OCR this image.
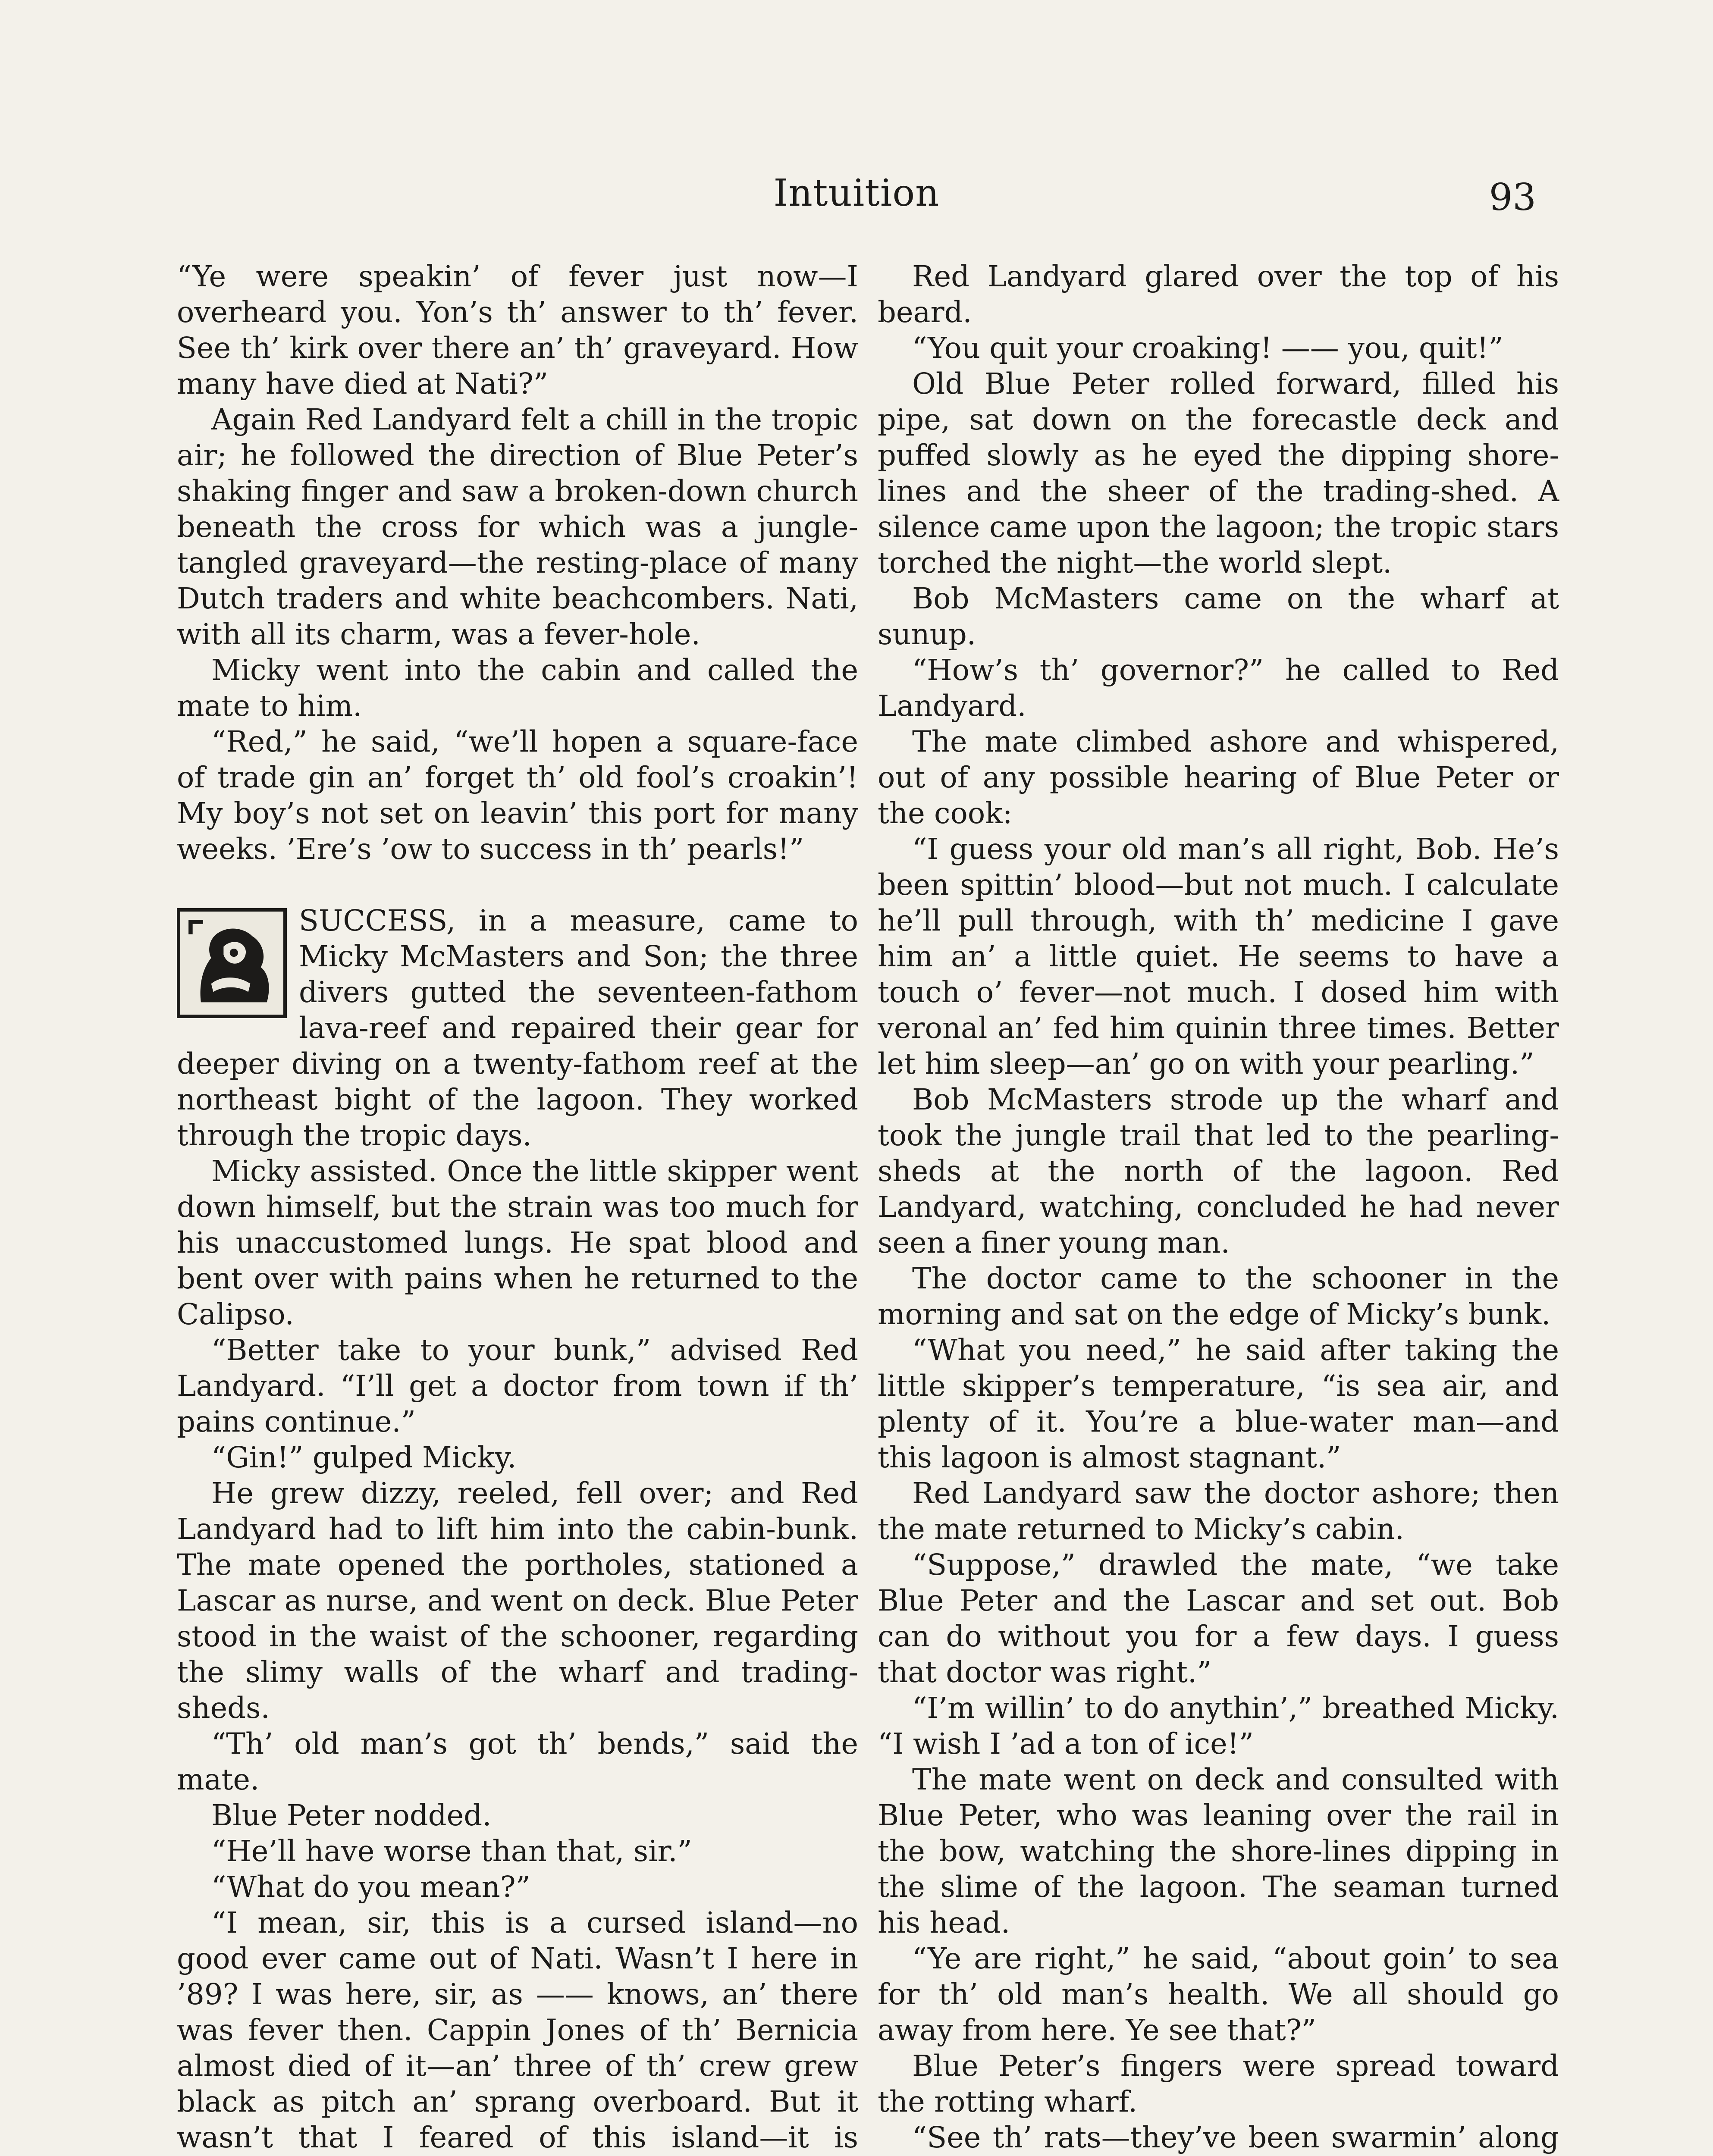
Intuition	93

“Ye were speakin’ of fever just now—I overheard you. Yon’s th’ answer to th’ fever. See th’ kirk over there an’ th’ graveyard. How many have died at Nati?”

Again Red Landyard felt a chill in the tropic air; he followed the direction of Blue Peter’s shaking finger and saw a broken-down church beneath the cross for which was a jungle-tangled graveyard—the resting-place of many Dutch traders and white beachcombers. Nati, with all its charm, was a fever-hole.

Micky went into the cabin and called the mate to him.

“Red,” he said, “we’ll hopen a square-face of trade gin an’ forget th’ old fool’s croakin’! My boy’s not set on leavin’ this port for many weeks. ’Ere’s ’ow to success in th’ pearls!”

SUCCESS, in a measure, came to Micky McMasters and Son; the three divers gutted the seventeen-fathom lava-reef and repaired their gear for deeper diving on a twenty-fathom reef at the northeast bight of the lagoon. They worked through the tropic days.

Micky assisted. Once the little skipper went down himself, but the strain was too much for his unaccustomed lungs. He spat blood and bent over with pains when he returned to the Calipso.

“Better take to your bunk,” advised Red Landyard. “I’ll get a doctor from town if th’ pains continue.”

“Gin!” gulped Micky.

He grew dizzy, reeled, fell over; and Red Landyard had to lift him into the cabin-bunk. The mate opened the portholes, stationed a Lascar as nurse, and went on deck. Blue Peter stood in the waist of the schooner, regarding the slimy walls of the wharf and trading-sheds.

“Th’ old man’s got th’ bends,” said the mate.

Blue Peter nodded.

“He’ll have worse than that, sir.”

“What do you mean?”

“I mean, sir, this is a cursed island—no good ever came out of Nati. Wasn’t I here in ’89? I was here, sir, as —— knows, an’ there was fever then. Cappin Jones of th’ Bernicia almost died of it—an’ three of th’ crew grew black as pitch an’ sprang overboard. But it wasn’t that I feared of this island—it is

Red Landyard glared over the top of his beard.

“You quit your croaking! —— you, quit!”

Old Blue Peter rolled forward, filled his pipe, sat down on the forecastle deck and puffed slowly as he eyed the dipping shore-lines and the sheer of the trading-shed. A silence came upon the lagoon; the tropic stars torched the night—the world slept.

Bob McMasters came on the wharf at sunup.

“How’s th’ governor?” he called to Red Landyard.

The mate climbed ashore and whispered, out of any possible hearing of Blue Peter or the cook:

“I guess your old man’s all right, Bob. He’s been spittin’ blood—but not much. I calculate he’ll pull through, with th’ medicine I gave him an’ a little quiet. He seems to have a touch o’ fever—not much. I dosed him with veronal an’ fed him quinin three times. Better let him sleep—an’ go on with your pearling.”

Bob McMasters strode up the wharf and took the jungle trail that led to the pearling-sheds at the north of the lagoon. Red Landyard, watching, concluded he had never seen a finer young man.

The doctor came to the schooner in the morning and sat on the edge of Micky’s bunk.

“What you need,” he said after taking the little skipper’s temperature, “is sea air, and plenty of it. You’re a blue-water man—and this lagoon is almost stagnant.”

Red Landyard saw the doctor ashore; then the mate returned to Micky’s cabin.

“Suppose,” drawled the mate, “we take Blue Peter and the Lascar and set out. Bob can do without you for a few days. I guess that doctor was right.”

“I’m willin’ to do anythin’,” breathed Micky. “I wish I ’ad a ton of ice!”

The mate went on deck and consulted with Blue Peter, who was leaning over the rail in the bow, watching the shore-lines dipping in the slime of the lagoon. The seaman turned his head.

“Ye are right,” he said, “about goin’ to sea for th’ old man’s health. We all should go away from here. Ye see that?”

Blue Peter’s fingers were spread toward the rotting wharf.

“See th’ rats—they’ve been swarmin’ along
